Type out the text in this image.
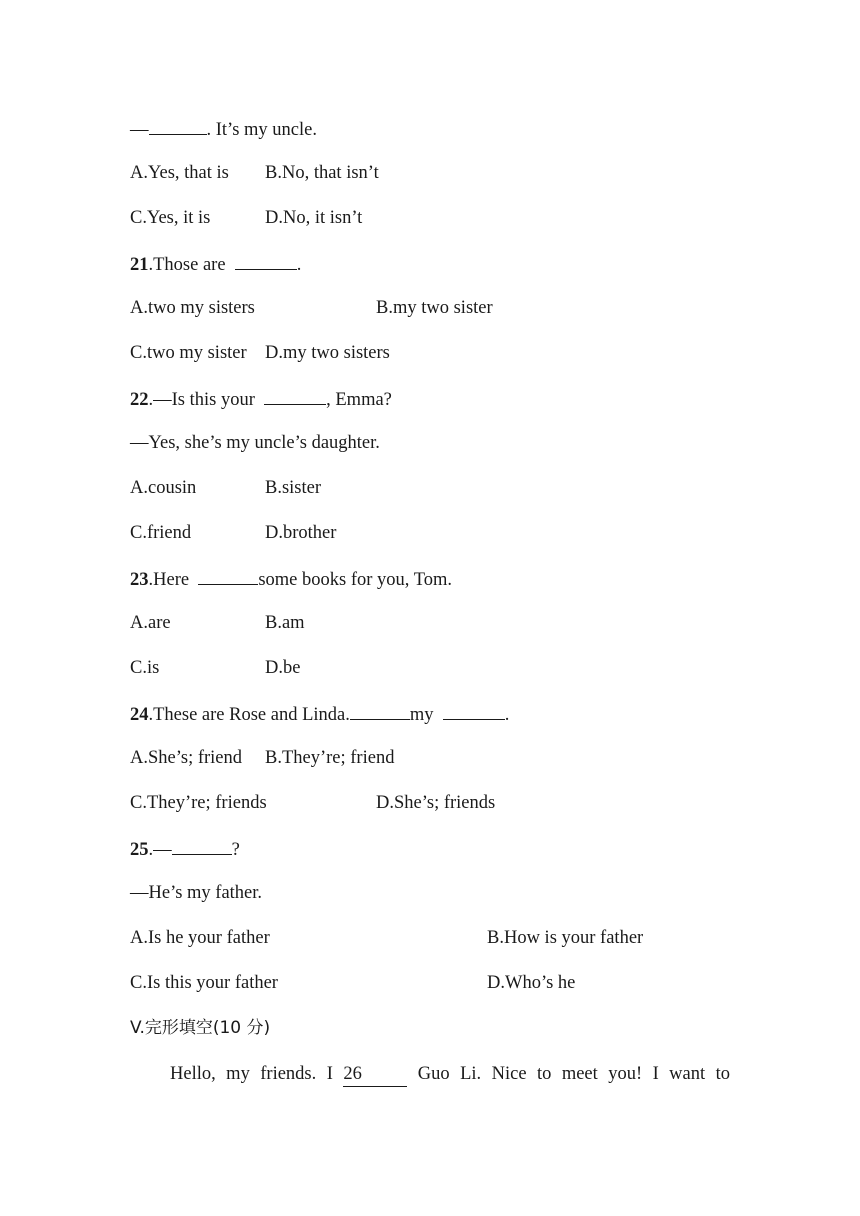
—	. It’s my uncle.
A.Yes, that is B.No, that isn’t
C.Yes, it is	D.No, it isn’t
21.Those are	.
A.two my sisters	B.my two sister
C.two my sister D.my two sisters
22.—Is this your	, Emma?
—Yes, she’s my uncle’s daughter.
A.cousin	B.sister
C.friend	D.brother
23.Here	some books for you, Tom.
A.are	B.am
C.is	D.be
24.These are Rose and Linda.	my	.
A.She’s; friend B.They’re; friend
C.They’re; friends	D.She’s; friends
25.—	?
—He’s my father.
A.Is he your father	B.How is your father
C.Is this your father	D.Who’s he
V.完形填空(10 分)
Hello, my friends. I 26 Guo Li. Nice to meet you! I want to
